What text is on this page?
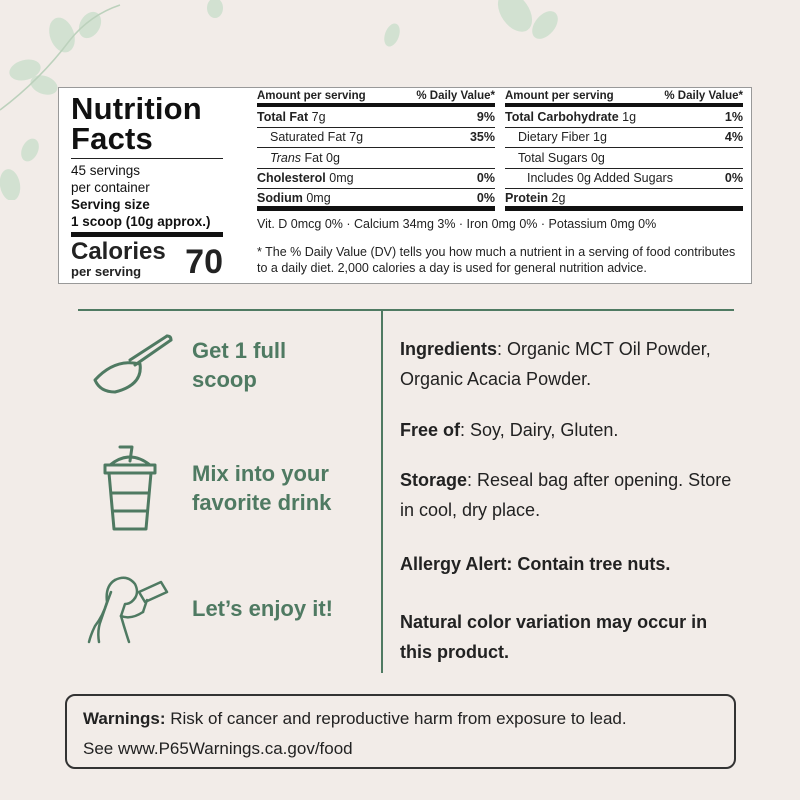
Nutrition
Facts
45 servings
per container
Serving size
1 scoop (10g approx.)
Calories
per serving	70
Amount per serving	% Daily Value*
Total Fat 7g	9%
Saturated Fat 7g	35%
Trans Fat 0g
Cholesterol 0mg	0%
Sodium 0mg	0%
Amount per serving	% Daily Value*
Total Carbohydrate 1g	1%
Dietary Fiber 1g	4%
Total Sugars 0g
Includes 0g Added Sugars	0%
Protein 2g
Vit. D 0mcg 0% · Calcium 34mg 3% · Iron 0mg 0% · Potassium 0mg 0%
* The % Daily Value (DV) tells you how much a nutrient in a serving of food contributes to a daily diet. 2,000 calories a day is used for general nutrition advice.
Get 1 full
scoop
Mix into your
favorite drink
Let’s enjoy it!
Ingredients: Organic MCT Oil Powder, Organic Acacia Powder.
Free of: Soy, Dairy, Gluten.
Storage: Reseal bag after opening. Store in cool, dry place.
Allergy Alert: Contain tree nuts.
Natural color variation may occur in this product.
Warnings: Risk of cancer and reproductive harm from exposure to lead.
See www.P65Warnings.ca.gov/food
